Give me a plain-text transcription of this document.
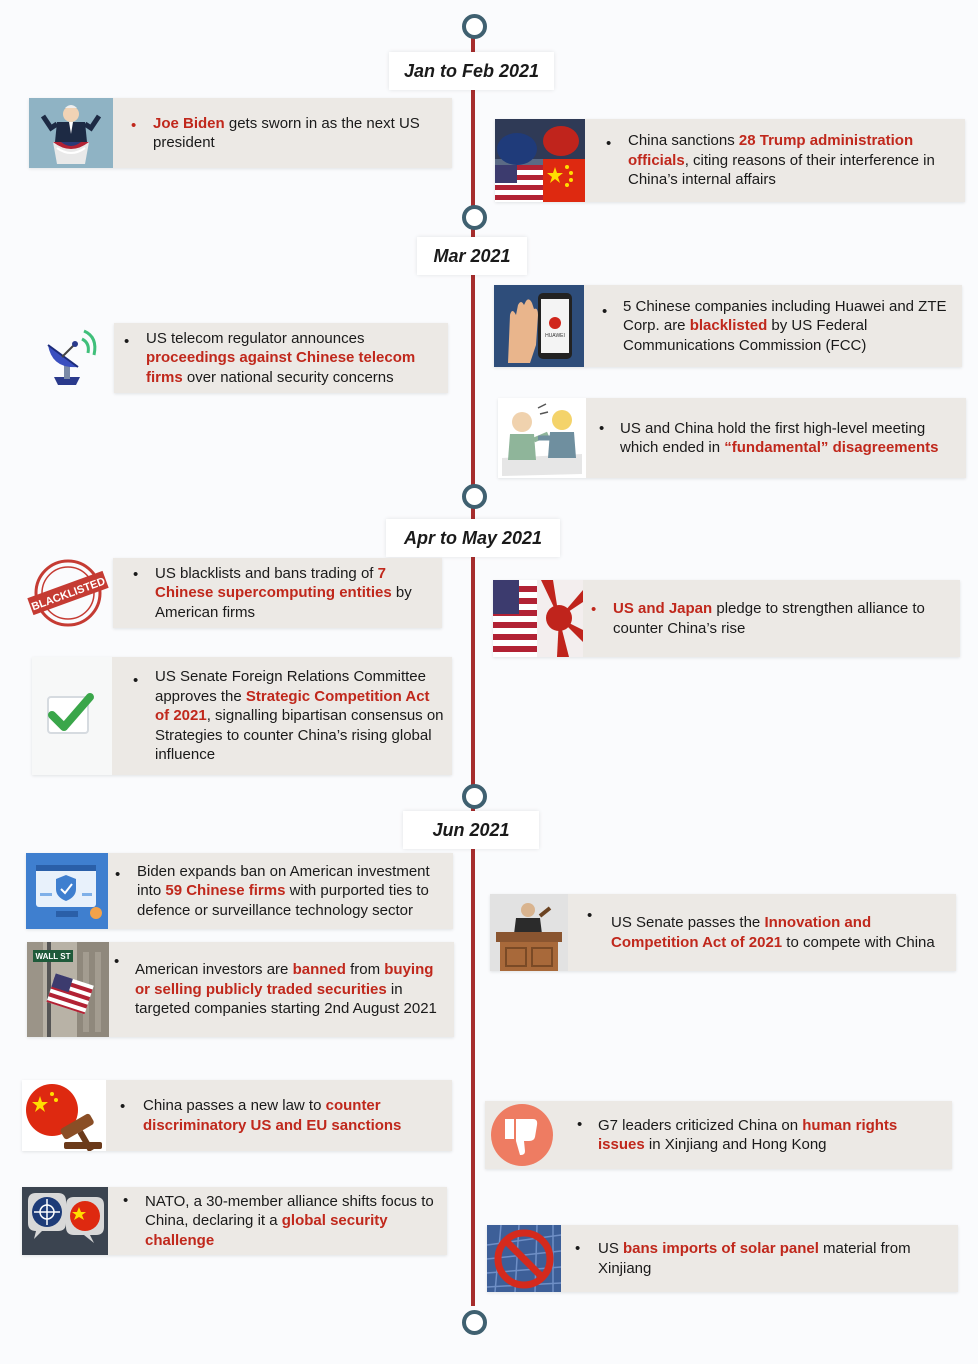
Jan to Feb 2021
Mar 2021
Apr to May 2021
Jun 2021
• Joe Biden gets sworn in as the next US president	• China sanctions 28 Trump administration officials, citing reasons of their interference in China’s internal affairs

• US telecom regulator announces proceedings against Chinese telecom firms over national security concerns

HUAWEI
• 5 Chinese companies including Huawei and ZTE Corp. are blacklisted by US Federal Communications Commission (FCC)

• US and China hold the first high-level meeting which ended in “fundamental” disagreements

• US blacklists and bans trading of 7 Chinese supercomputing entities by American firms

BLACKLISTED	• US and Japan pledge to strengthen alliance to counter China’s rise

• US Senate Foreign Relations Committee approves the Strategic Competition Act of 2021, signalling bipartisan consensus on Strategies to counter China’s rising global influence

• Biden expands ban on American investment into 59 Chinese firms with purported ties to defence or surveillance technology sector	• US Senate passes the Innovation and Competition Act of 2021 to compete with China

WALL ST	• American investors are banned from buying or selling publicly traded securities in targeted companies starting 2nd August 2021

• China passes a new law to counter discriminatory US and EU sanctions	• G7 leaders criticized China on human rights issues in Xinjiang and Hong Kong

• NATO, a 30-member alliance shifts focus to China, declaring it a global security challenge	• US bans imports of solar panel material from Xinjiang
